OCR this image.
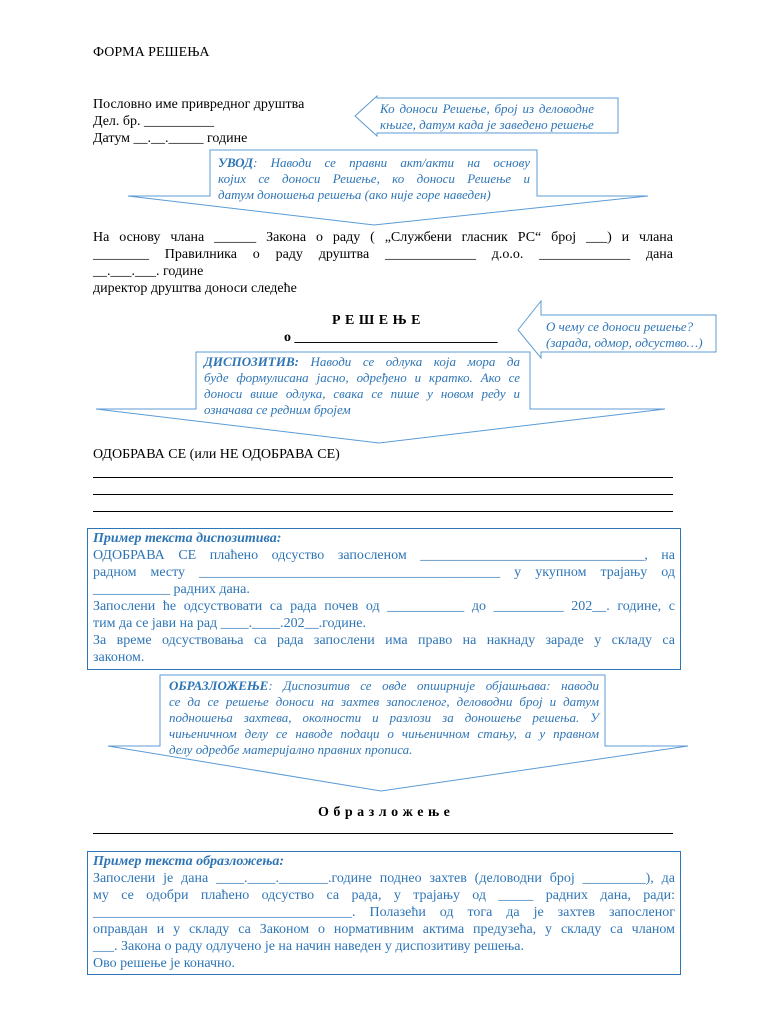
ФОРМА РЕШЕЊА
Пословно име привредног друштва
Дел. бр. __________
Датум __.__._____ године
Ко доноси Решење, број из деловодне
књиге, датум када је заведено решење
УВОД: Наводи се правни акт/акти на основу
којих се доноси Решење, ко доноси Решење и
датум доношења решења (ако није горе наведен)
О чему се доноси решење?
(зарада, одмор, одсуство…)
ДИСПОЗИТИВ: Наводи се одлука која мора да
буде формулисана јасно, одређено и кратко. Ако се
доноси више одлука, свака се пише у новом реду и
означава се редним бројем
ОБРАЗЛОЖЕЊЕ: Диспозитив се овде опширније објашњава: наводи
се да се решење доноси на захтев запосленог, деловодни број и датум
подношења захтева, околности и разлози за доношење решења. У
чињеничном делу се наводе подаци о чињеничном стању, а у правном
делу одредбе материјално правних прописа.
На основу члана ______ Закона о раду ( „Службени гласник РС“ број ___) и члана
________ Правилника о раду друштва _____________ д.о.о. _____________ дана
__.___.___. године
директор друштва доноси следеће
Р Е Ш Е Њ Е
о _____________________________
ОДОБРАВА СЕ (или НЕ ОДОБРАВА СЕ)
Пример текста диспозитива:
ОДОБРАВА СЕ плаћено одсуство запосленом ________________________________, на
радном месту ___________________________________________ у укупном трајању од
___________ радних дана.
Запослени ће одсуствовати са рада почев од ___________ до __________ 202__. године, с
тим да се јави на рад ____.____.202__.године.
За време одсуствовања са рада запослени има право на накнаду зараде у складу са
законом.
О б р а з л о ж е њ е
Пример текста образложења:
Запослени је дана ____.____._______.године поднео захтев (деловодни број _________), да
му се одобри плаћено одсуство са рада, у трајању од _____ радних дана, ради:
_____________________________________. Полазећи од тога да је захтев запосленог
оправдан и у складу са Законом о нормативним актима предузећа, у складу са чланом
___. Закона о раду одлучено је на начин наведен у диспозитиву решења.
Ово решење је коначно.
